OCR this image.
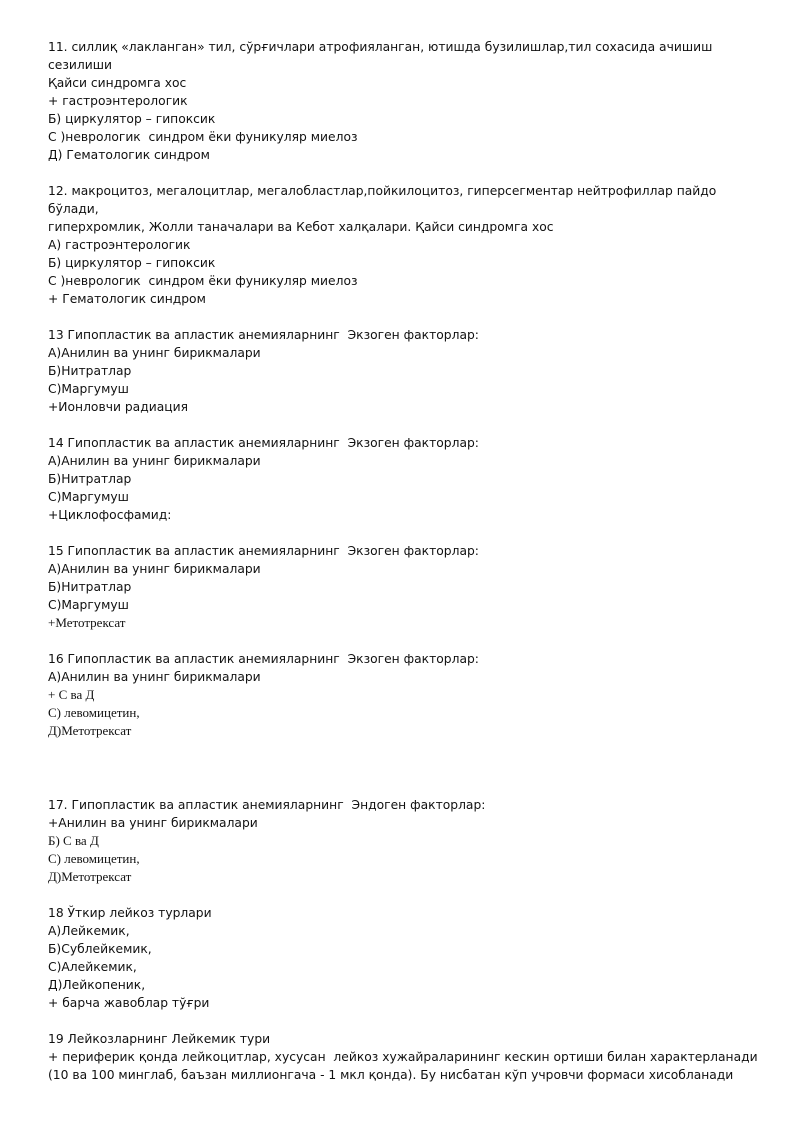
11. силлиқ «лакланган» тил, сўрғичлари атрофияланган, ютишда бузилишлар,тил сохасида ачишиш сезилиши
Қайси синдромга хос
+ гастроэнтерологик
Б) циркулятор – гипоксик
С )неврологик  синдром ёки фуникуляр миелоз
Д) Гематологик синдром
12. макроцитоз, мегалоцитлар, мегалобластлар,пойкилоцитоз, гиперсегментар нейтрофиллар пайдо бўлади,
гиперхромлик, Жолли таначалари ва Кебот халқалари. Қайси синдромга хос
А) гастроэнтерологик
Б) циркулятор – гипоксик
С )неврологик  синдром ёки фуникуляр миелоз
+ Гематологик синдром
13 Гипопластик ва апластик анемияларнинг  Экзоген факторлар:
А)Анилин ва унинг бирикмалари
Б)Нитратлар
С)Маргумуш
+Ионловчи радиация
14 Гипопластик ва апластик анемияларнинг  Экзоген факторлар:
А)Анилин ва унинг бирикмалари
Б)Нитратлар
С)Маргумуш
+Циклофосфамид:
15 Гипопластик ва апластик анемияларнинг  Экзоген факторлар:
А)Анилин ва унинг бирикмалари
Б)Нитратлар
С)Маргумуш
+Метотрексат
16 Гипопластик ва апластик анемияларнинг  Экзоген факторлар:
А)Анилин ва унинг бирикмалари
+ С ва Д
С) левомицетин,
Д)Метотрексат
17. Гипопластик ва апластик анемияларнинг  Эндоген факторлар:
+Анилин ва унинг бирикмалари
Б) С ва Д
С) левомицетин,
Д)Метотрексат
18 Ўткир лейкоз турлари
А)Лейкемик,
Б)Сублейкемик,
С)Алейкемик,
Д)Лейкопеник,
+ барча жавоблар тўғри
19 Лейкозларнинг Лейкемик тури
+ периферик қонда лейкоцитлар, хусусан  лейкоз хужайраларининг кескин ортиши билан характерланади
(10 ва 100 минглаб, баъзан миллионгача - 1 мкл қонда). Бу нисбатан кўп учровчи формаси хисобланади
